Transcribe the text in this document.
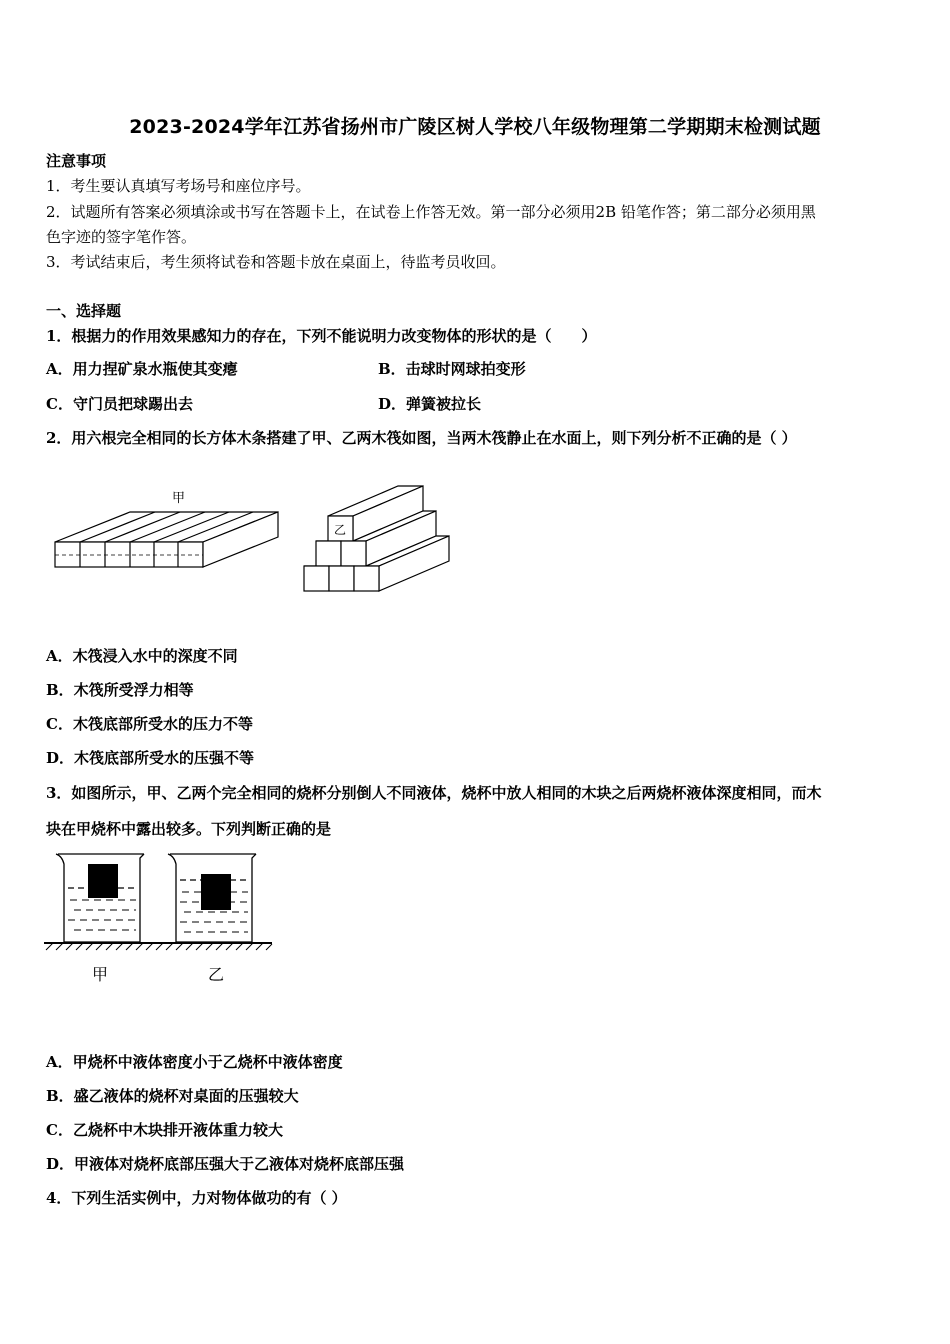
2023-2024学年江苏省扬州市广陵区树人学校八年级物理第二学期期末检测试题
注意事项
1．考生要认真填写考场号和座位序号。
2．试题所有答案必须填涂或书写在答题卡上，在试卷上作答无效。第一部分必须用2B 铅笔作答；第二部分必须用黑
色字迹的签字笔作答。
3．考试结束后，考生须将试卷和答题卡放在桌面上，待监考员收回。
一、选择题
1．根据力的作用效果感知力的存在，下列不能说明力改变物体的形状的是（　　）
A．用力捏矿泉水瓶使其变瘪	B．击球时网球拍变形
C．守门员把球踢出去	D．弹簧被拉长
2．用六根完全相同的长方体木条搭建了甲、乙两木筏如图，当两木筏静止在水面上，则下列分析不正确的是（ ）
甲
乙
A．木筏浸入水中的深度不同
B．木筏所受浮力相等
C．木筏底部所受水的压力不等
D．木筏底部所受水的压强不等
3．如图所示，甲、乙两个完全相同的烧杯分别倒人不同液体，烧杯中放人相同的木块之后两烧杯液体深度相同，而木
块在甲烧杯中露出较多。下列判断正确的是
甲	乙
A．甲烧杯中液体密度小于乙烧杯中液体密度
B．盛乙液体的烧杯对桌面的压强较大
C．乙烧杯中木块排开液体重力较大
D．甲液体对烧杯底部压强大于乙液体对烧杯底部压强
4．下列生活实例中，力对物体做功的有（ ）
